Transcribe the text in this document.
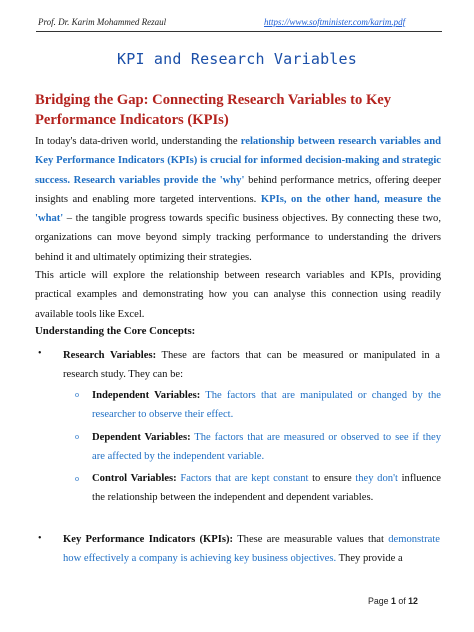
Prof. Dr. Karim Mohammed Rezaul	https://www.softminister.com/karim.pdf
KPI and Research Variables
Bridging the Gap: Connecting Research Variables to Key Performance Indicators (KPIs)
In today's data-driven world, understanding the relationship between research variables and Key Performance Indicators (KPIs) is crucial for informed decision-making and strategic success. Research variables provide the 'why' behind performance metrics, offering deeper insights and enabling more targeted interventions. KPIs, on the other hand, measure the 'what' – the tangible progress towards specific business objectives. By connecting these two, organizations can move beyond simply tracking performance to understanding the drivers behind it and ultimately optimizing their strategies.
This article will explore the relationship between research variables and KPIs, providing practical examples and demonstrating how you can analyse this connection using readily available tools like Excel.
Understanding the Core Concepts:
• Research Variables: These are factors that can be measured or manipulated in a research study. They can be:
o Independent Variables: The factors that are manipulated or changed by the researcher to observe their effect.
o Dependent Variables: The factors that are measured or observed to see if they are affected by the independent variable.
o Control Variables: Factors that are kept constant to ensure they don't influence the relationship between the independent and dependent variables.
• Key Performance Indicators (KPIs): These are measurable values that demonstrate how effectively a company is achieving key business objectives. They provide a
Page 1 of 12
